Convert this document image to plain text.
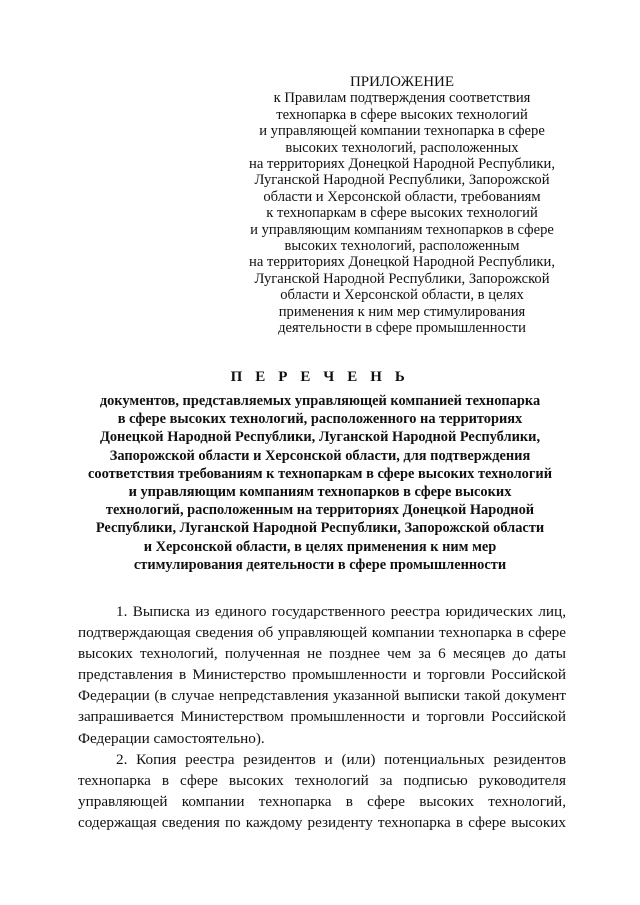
ПРИЛОЖЕНИЕ
к Правилам подтверждения соответствия
технопарка в сфере высоких технологий
и управляющей компании технопарка в сфере
высоких технологий, расположенных
на территориях Донецкой Народной Республики,
Луганской Народной Республики, Запорожской
области и Херсонской области, требованиям
к технопаркам в сфере высоких технологий
и управляющим компаниям технопарков в сфере
высоких технологий, расположенным
на территориях Донецкой Народной Республики,
Луганской Народной Республики, Запорожской
области и Херсонской области, в целях
применения к ним мер стимулирования
деятельности в сфере промышленности
П Е Р Е Ч Е Н Ь
документов, представляемых управляющей компанией технопарка
в сфере высоких технологий, расположенного на территориях
Донецкой Народной Республики, Луганской Народной Республики,
Запорожской области и Херсонской области, для подтверждения
соответствия требованиям к технопаркам в сфере высоких технологий
и управляющим компаниям технопарков в сфере высоких
технологий, расположенным на территориях Донецкой Народной
Республики, Луганской Народной Республики, Запорожской области
и Херсонской области, в целях применения к ним мер
стимулирования деятельности в сфере промышленности
1. Выписка из единого государственного реестра юридических лиц,
подтверждающая сведения об управляющей компании технопарка в сфере
высоких технологий, полученная не позднее чем за 6 месяцев до даты
представления в Министерство промышленности и торговли Российской
Федерации (в случае непредставления указанной выписки такой документ
запрашивается Министерством промышленности и торговли Российской
Федерации самостоятельно).
2. Копия реестра резидентов и (или) потенциальных резидентов
технопарка в сфере высоких технологий за подписью руководителя
управляющей компании технопарка в сфере высоких технологий,
содержащая сведения по каждому резиденту технопарка в сфере высоких
